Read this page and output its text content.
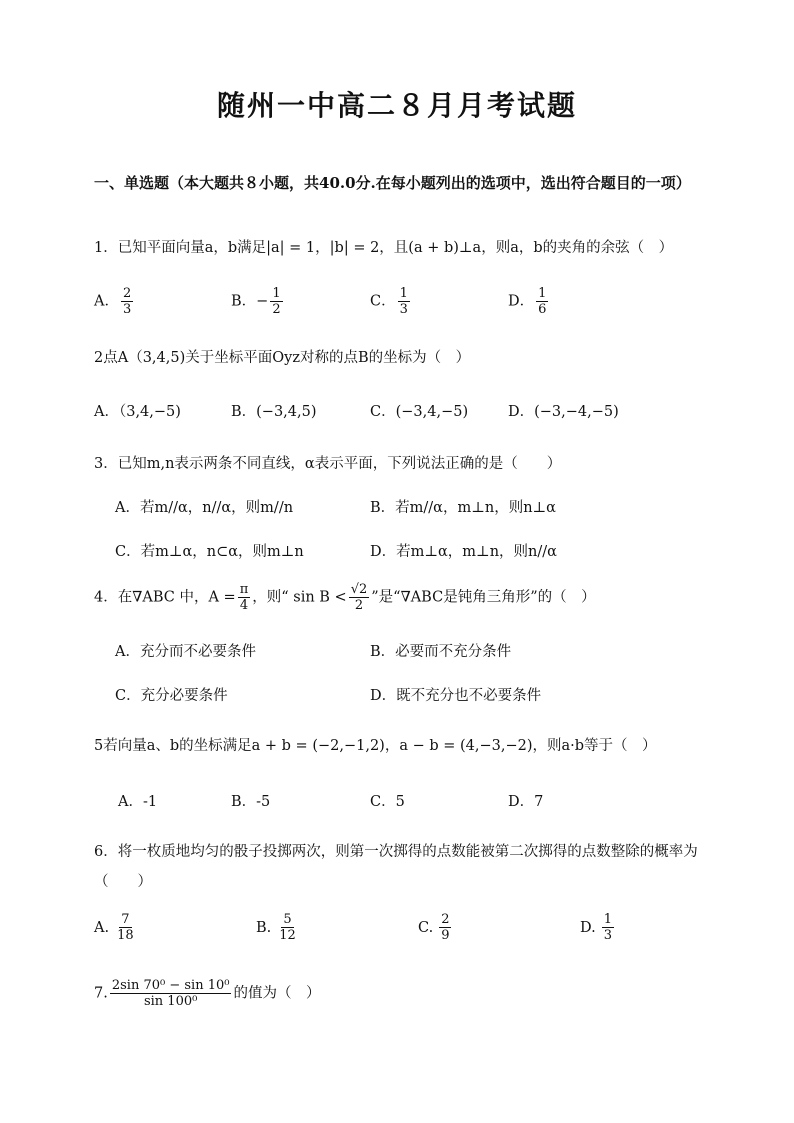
随州一中高二８月月考试题
一、单选题（本大题共８小题，共40.0分.在每小题列出的选项中，选出符合题目的一项）
1．已知平面向量a，b满足|a| = 1，|b| = 2，且(a + b)⊥a，则a，b的夹角的余弦（　）
A． $\frac{2}{3}$	B．− $\frac{1}{2}$	C． $\frac{1}{3}$	D． $\frac{1}{6}$
2点A（3,4,5)关于坐标平面Oyz对称的点B的坐标为（　）
A．（3,4,−5)	B．(−3,4,5)	C．(−3,4,−5)	D．(−3,−4,−5)
3．已知m,n表示两条不同直线，α表示平面，下列说法正确的是（　　）
A．若m//α，n//α，则m//n	B．若m//α，m⊥n，则n⊥α
C．若m⊥α，n⊂α，则m⊥n	D．若m⊥α，m⊥n，则n//α
4．在∇ABC 中，$A = \frac{\pi}{4}$ ，则“ $\sin B < \frac{√2}{2}$ ”是“∇ABC是钝角三角形”的（　）
A．充分而不必要条件	B．必要而不充分条件
C．充分必要条件	D．既不充分也不必要条件
5若向量a、b的坐标满足a + b = (−2,−1,2)，a − b = (4,−3,−2)，则a·b等于（　）
A．-1	B．-5	C．5	D．7
6．将一枚质地均匀的骰子投掷两次，则第一次掷得的点数能被第二次掷得的点数整除的概率为
（　　）
A. $\frac{7}{18}$	B. $\frac{5}{12}$	C. $\frac{2}{9}$	D. $\frac{1}{3}$
7. $\frac{\text{2sin 70⁰ − sin 10⁰}}{\text{sin 100⁰}}$ 的值为（　）
